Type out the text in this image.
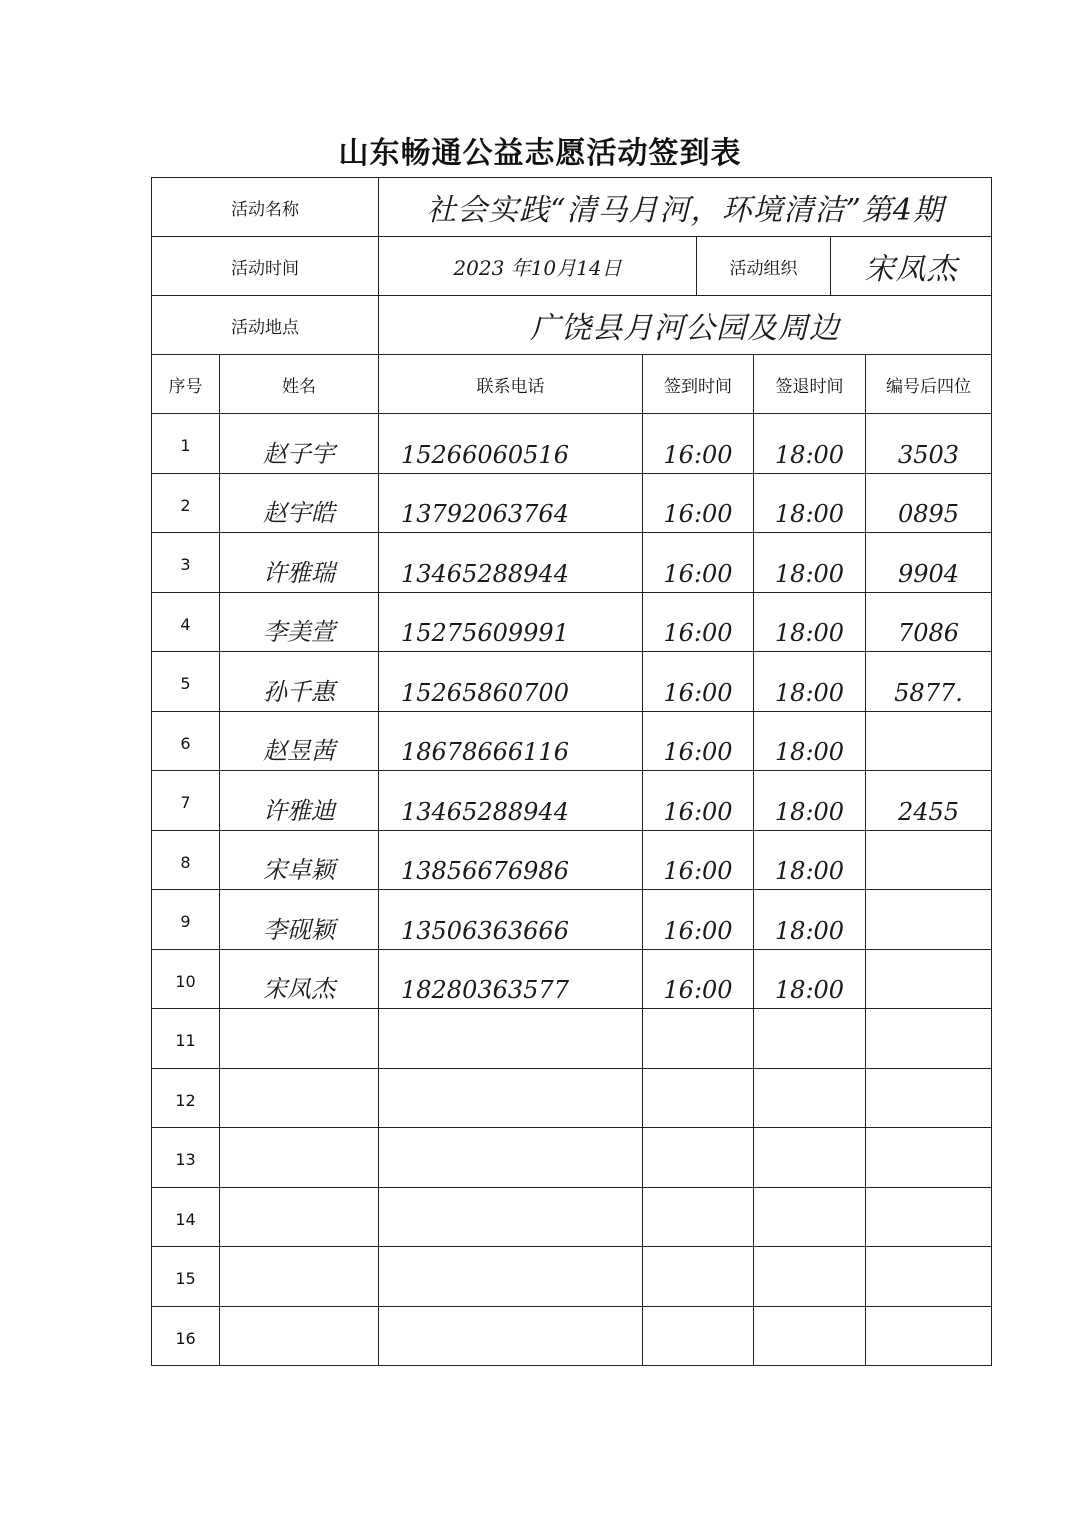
山东畅通公益志愿活动签到表
活动名称		社会实践“清马月河，环境清洁”第4期					
活动时间		2023 年10月14日		活动组织		宋凤杰	
活动地点		广饶县月河公园及周边					
序号	姓名	联系电话	签到时间		签退时间		编号后四位
1	赵子宇	15266060516	16:00		18:00		3503
2	赵宇皓	13792063764	16:00		18:00		0895
3	许雅瑞	13465288944	16:00		18:00		9904
4	李美萱	15275609991	16:00		18:00		7086
5	孙千惠	15265860700	16:00		18:00		5877.
6	赵昱茜	18678666116	16:00		18:00		
7	许雅迪	13465288944	16:00		18:00		2455
8	宋卓颖	13856676986	16:00		18:00		
9	李砚颖	13506363666	16:00		18:00		
10	宋凤杰	18280363577	16:00		18:00		
11							
12							
13							
14							
15							
16							
